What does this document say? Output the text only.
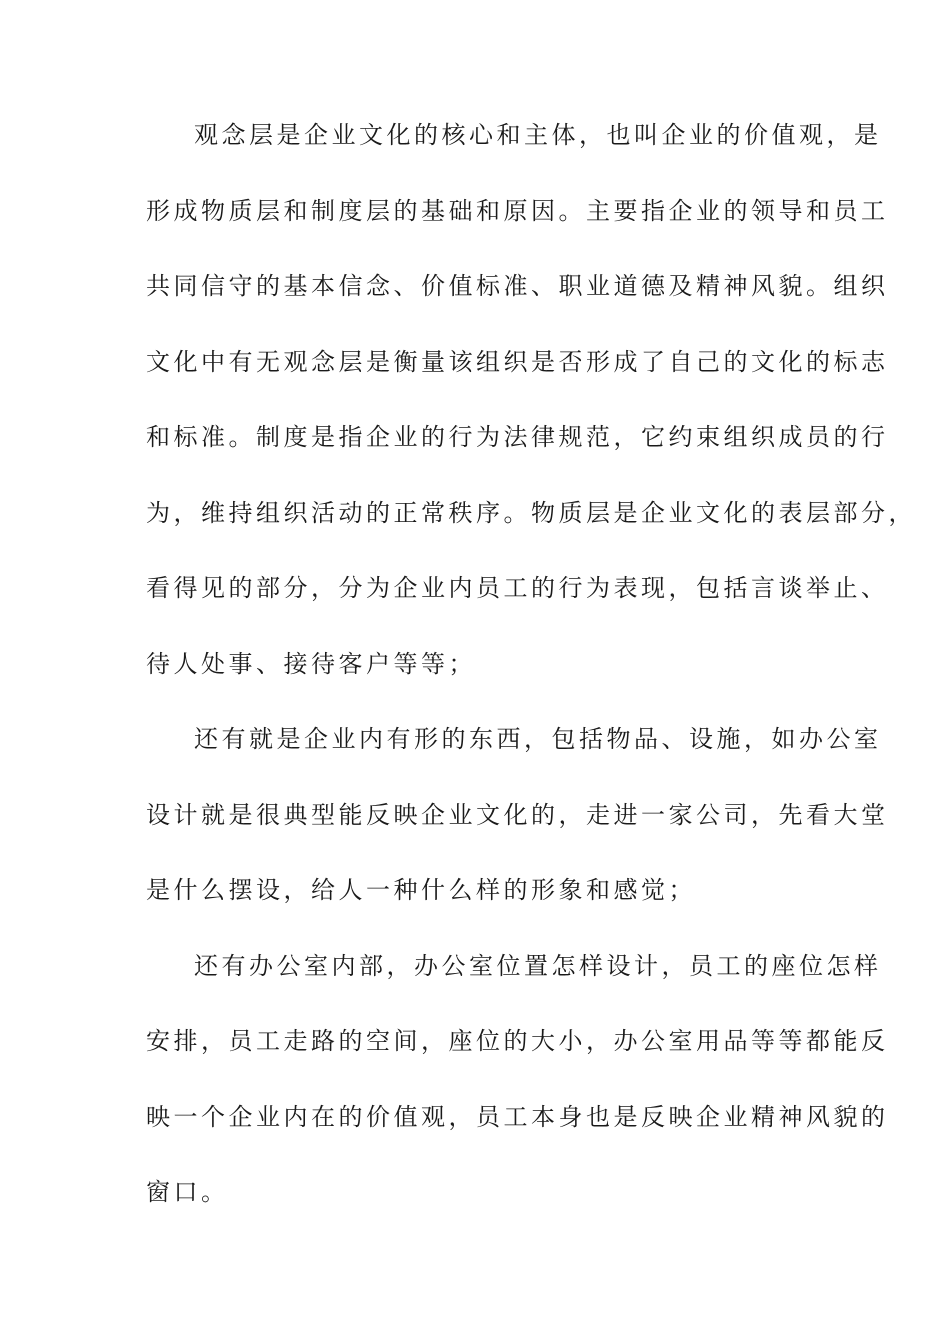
观念层是企业文化的核心和主体，也叫企业的价值观，是
形成物质层和制度层的基础和原因。主要指企业的领导和员工
共同信守的基本信念、价值标准、职业道德及精神风貌。组织
文化中有无观念层是衡量该组织是否形成了自己的文化的标志
和标准。制度是指企业的行为法律规范，它约束组织成员的行
为，维持组织活动的正常秩序。物质层是企业文化的表层部分，
看得见的部分，分为企业内员工的行为表现，包括言谈举止、
待人处事、接待客户等等；
还有就是企业内有形的东西，包括物品、设施，如办公室
设计就是很典型能反映企业文化的，走进一家公司，先看大堂
是什么摆设，给人一种什么样的形象和感觉；
还有办公室内部，办公室位置怎样设计，员工的座位怎样
安排，员工走路的空间，座位的大小，办公室用品等等都能反
映一个企业内在的价值观，员工本身也是反映企业精神风貌的
窗口。
